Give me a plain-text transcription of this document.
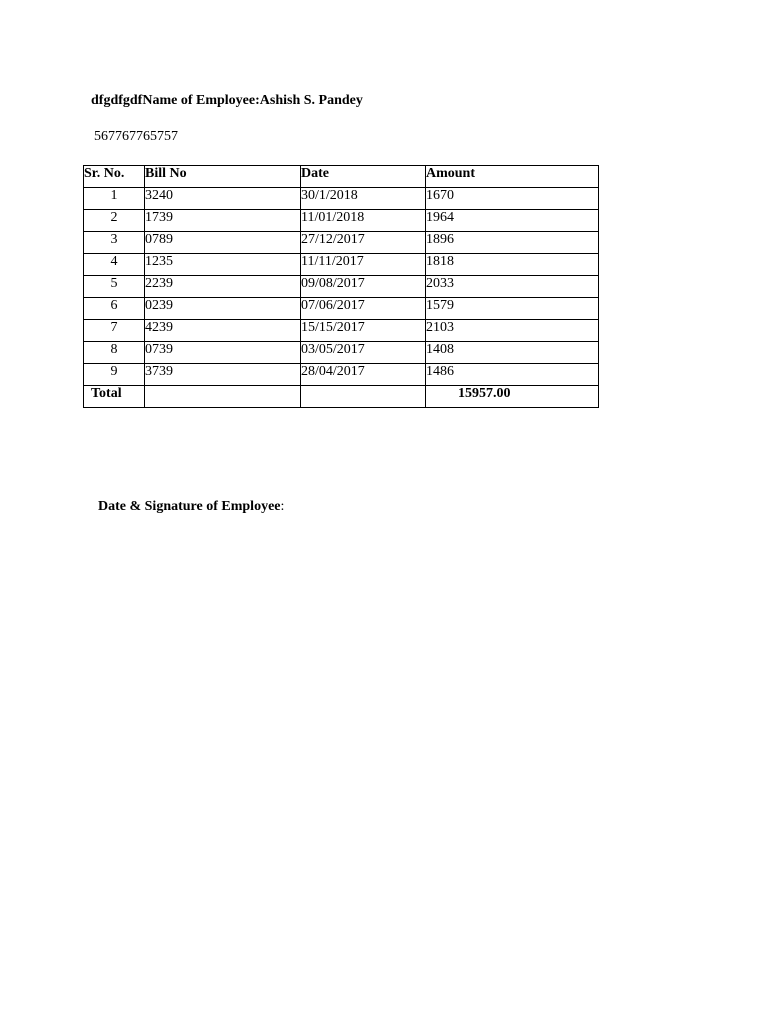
dfgdfgdfName of Employee:Ashish S. Pandey
567767765757
Sr. No.	Bill No	Date	Amount
1	3240	30/1/2018	1670
2	1739	11/01/2018	1964
3	0789	27/12/2017	1896
4	1235	11/11/2017	1818
5	2239	09/08/2017	2033
6	0239	07/06/2017	1579
7	4239	15/15/2017	2103
8	0739	03/05/2017	1408
9	3739	28/04/2017	1486
Total			15957.00
Date & Signature of Employee:
